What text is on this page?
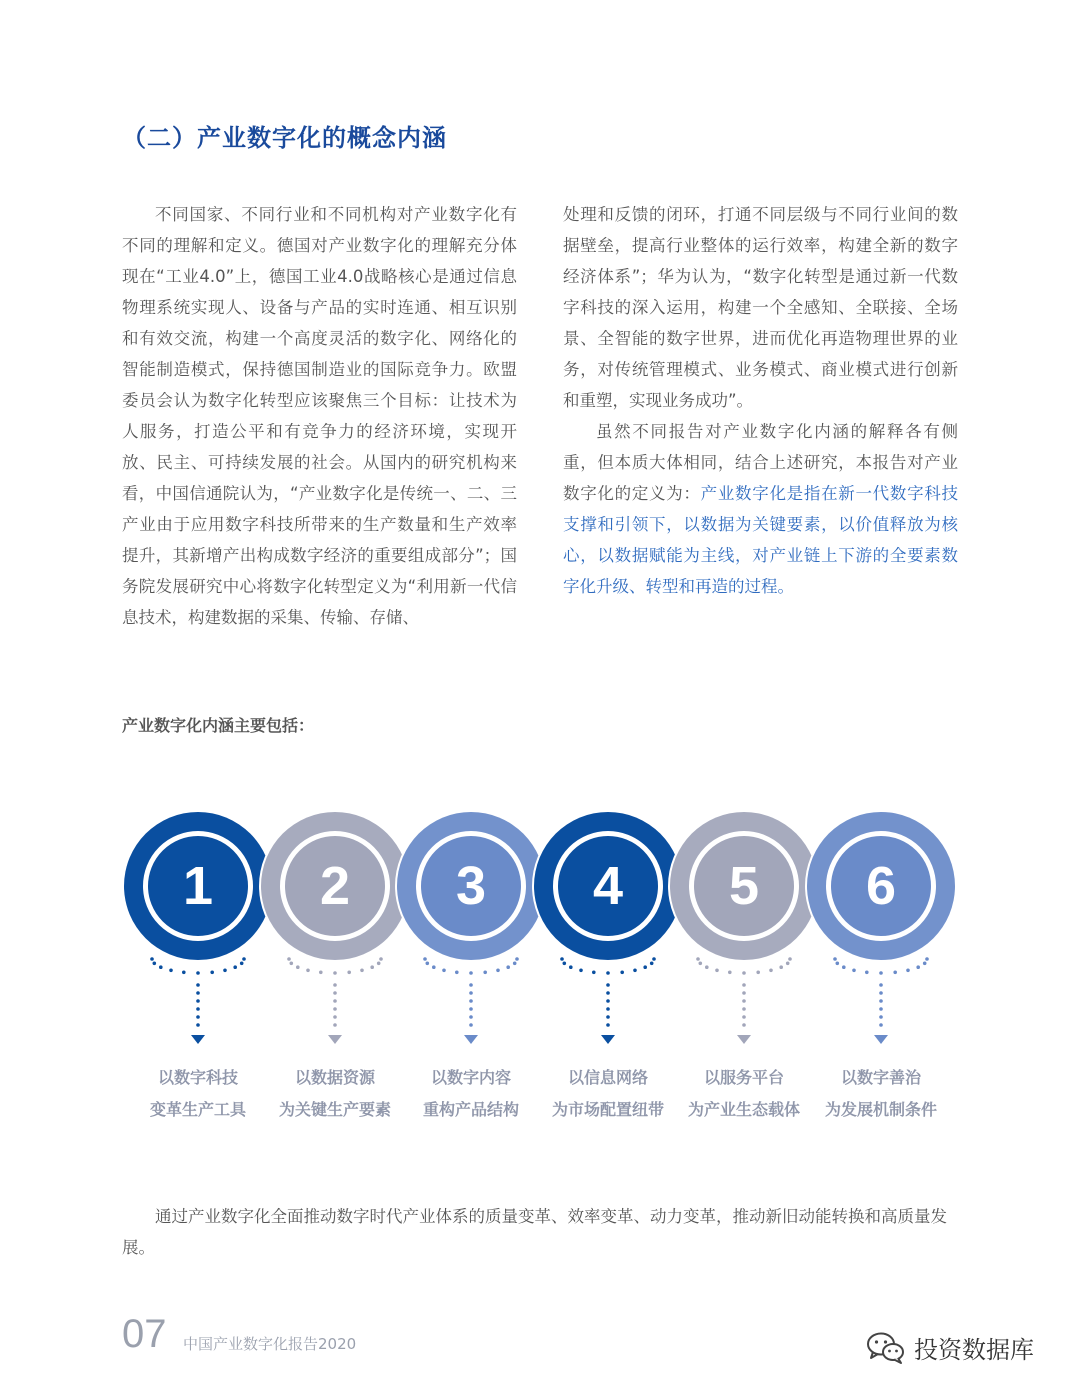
（二）产业数字化的概念内涵

不同国家、不同行业和不同机构对产业数字化有不同的理解和定义。德国对产业数字化的理解充分体现在“工业4.0”上，德国工业4.0战略核心是通过信息物理系统实现人、设备与产品的实时连通、相互识别和有效交流，构建一个高度灵活的数字化、网络化的智能制造模式，保持德国制造业的国际竞争力。欧盟委员会认为数字化转型应该聚焦三个目标：让技术为人服务，打造公平和有竞争力的经济环境，实现开放、民主、可持续发展的社会。从国内的研究机构来看，中国信通院认为，“产业数字化是传统一、二、三产业由于应用数字科技所带来的生产数量和生产效率提升，其新增产出构成数字经济的重要组成部分”；国务院发展研究中心将数字化转型定义为“利用新一代信息技术，构建数据的采集、传输、存储、

处理和反馈的闭环，打通不同层级与不同行业间的数据壁垒，提高行业整体的运行效率，构建全新的数字经济体系”；华为认为，“数字化转型是通过新一代数字科技的深入运用，构建一个全感知、全联接、全场景、全智能的数字世界，进而优化再造物理世界的业务，对传统管理模式、业务模式、商业模式进行创新和重塑，实现业务成功”。

虽然不同报告对产业数字化内涵的解释各有侧重，但本质大体相同，结合上述研究，本报告对产业数字化的定义为：产业数字化是指在新一代数字科技支撑和引领下，以数据为关键要素，以价值释放为核心，以数据赋能为主线，对产业链上下游的全要素数字化升级、转型和再造的过程。

产业数字化内涵主要包括：
1
以数字科技
变革生产工具
2
以数据资源
为关键生产要素
3
以数字内容
重构产品结构
4
以信息网络
为市场配置纽带
5
以服务平台
为产业生态载体
6
以数字善治
为发展机制条件

通过产业数字化全面推动数字时代产业体系的质量变革、效率变革、动力变革，推动新旧动能转换和高质量发展。

07 中国产业数字化报告2020	投资数据库
